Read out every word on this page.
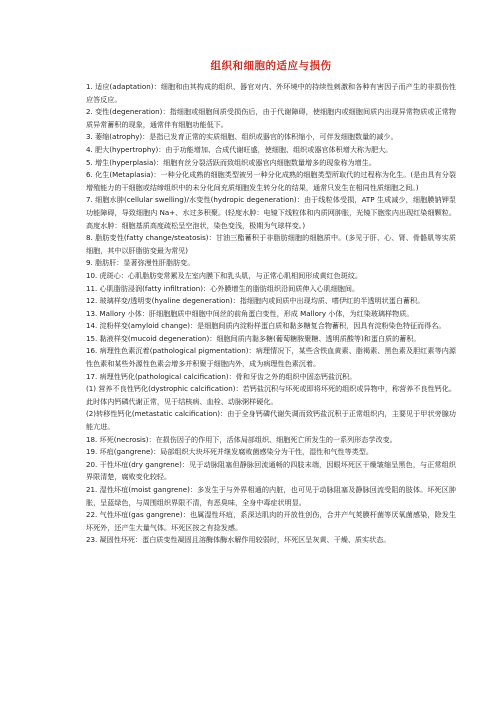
组织和细胞的适应与损伤

1. 适应(adaptation)：细胞和由其构成的组织、器官对内、外环境中的持续性刺激和各种有害因子而产生的非损伤性应答反应。

2. 变性(degeneration)：指细胞或细胞间质受损伤后，由于代谢障碍，使细胞内或细胞间质内出现异常物质或正常物质异常蓄积的现象，通常伴有细胞功能低下。

3. 萎缩(atrophy)：是指已发育正常的实质细胞、组织或器官的体积缩小，可伴发细胞数量的减少。

4. 肥大(hypertrophy)：由于功能增加、合成代谢旺盛，使细胞、组织或器官体积增大称为肥大。

5. 增生(hyperplasia)：细胞有丝分裂活跃而致组织或器官内细胞数量增多的现象称为增生。

6. 化生(Metaplasia)：一种分化成熟的细胞类型被另一种分化成熟的细胞类型所取代的过程称为化生。(是由具有分裂增殖能力的干细胞或结缔组织中的未分化间充质细胞发生转分化的结果，通常只发生在相同性质细胞之间。)

7. 细胞水肿(cellular swelling)/水变性(hydropic degeneration)：由于线粒体受损，ATP 生成减少，细胞膜钠钾泵功能障碍，导致细胞内 Na+、水过多积聚。(轻度水肿：电镜下线粒体和内质网肿胀，光镜下胞浆内出现红染细颗粒。高度水肿：细胞基质高度疏松呈空泡状，染色变浅，极期为气球样变。)

8. 脂肪变性(fatty change/steatosis)：甘油三酯蓄积于非脂肪细胞的细胞质中。(多见于肝、心、肾、骨骼肌等实质细胞，其中以肝脂肪变最为常见)

9. 脂肪肝：显著弥漫性肝脂肪变。

10. 虎斑心：心肌脂肪变常累及左室内膜下和乳头肌，与正常心肌相间形成黄红色斑纹。

11. 心肌脂肪浸润(fatty infiltration)：心外膜增生的脂肪组织沿间质伸入心肌细胞间。

12. 玻璃样变/透明变(hyaline degeneration)：指细胞内或间质中出现均质、嗜伊红的半透明状蛋白蓄积。

13. Mallory 小体：肝细胞胞质中细胞中间丝的前角蛋白变性，形成 Mallory 小体，为红染玻璃样物质。

14. 淀粉样变(amyloid change)：是细胞间质内淀粉样蛋白质和黏多糖复合物蓄积，因具有淀粉染色特征而得名。

15. 黏液样变(mucoid degeneration)：细胞间质内黏多糖(葡萄糖胺聚糖、透明质酸等)和蛋白质的蓄积。

16. 病理性色素沉着(pathological pigmentation)：病理情况下，某些含铁血黄素、脂褐素、黑色素及胆红素等内源性色素和某些外源性色素会增多并积聚于细胞内外，成为病理性色素沉着。

17. 病理性钙化(pathological calcification)：骨和牙齿之外的组织中固态钙盐沉积。

(1) 营养不良性钙化(dystrophic calcification)：若钙盐沉积与坏死或即将坏死的组织或异物中，称营养不良性钙化。此时体内钙磷代谢正常，见于结核病、血栓、动脉粥样硬化。

(2)转移性钙化(metastatic calcification)：由于全身钙磷代谢失调而致钙盐沉积于正常组织内，主要见于甲状旁腺功能亢进。

18. 坏死(necrosis)：在损伤因子的作用下，活体局部组织、细胞死亡所发生的一系列形态学改变。

19. 坏疽(gangrene)：局部组织大块坏死并继发腐败菌感染分为干性，湿性和气性等类型。

20. 干性坏疽(dry gangrene)：见于动脉阻塞但静脉回流通畅的四肢末端，因眼坏死区干燥皱缩呈黑色，与正常组织界限清楚，腐败变化较轻。

21. 湿性坏疽(moist gangrene)：多发生于与外界相通的内脏，也可见于动脉阻塞及静脉回流受阻的肢体。坏死区肿胀，呈蓝绿色，与周围组织界限不清，有恶臭味，全身中毒症状明显。

22. 气性坏疽(gas gangrene)：也属湿性坏疽，系深达肌肉的开放性创伤，合并产气荚膜杆菌等厌氧菌感染，除发生坏死外，还产生大量气体。坏死区按之有捻发感。

23. 凝固性坏死：蛋白质变性凝固且溶酶体酶水解作用较弱时，坏死区呈灰黄、干燥、质实状态。
